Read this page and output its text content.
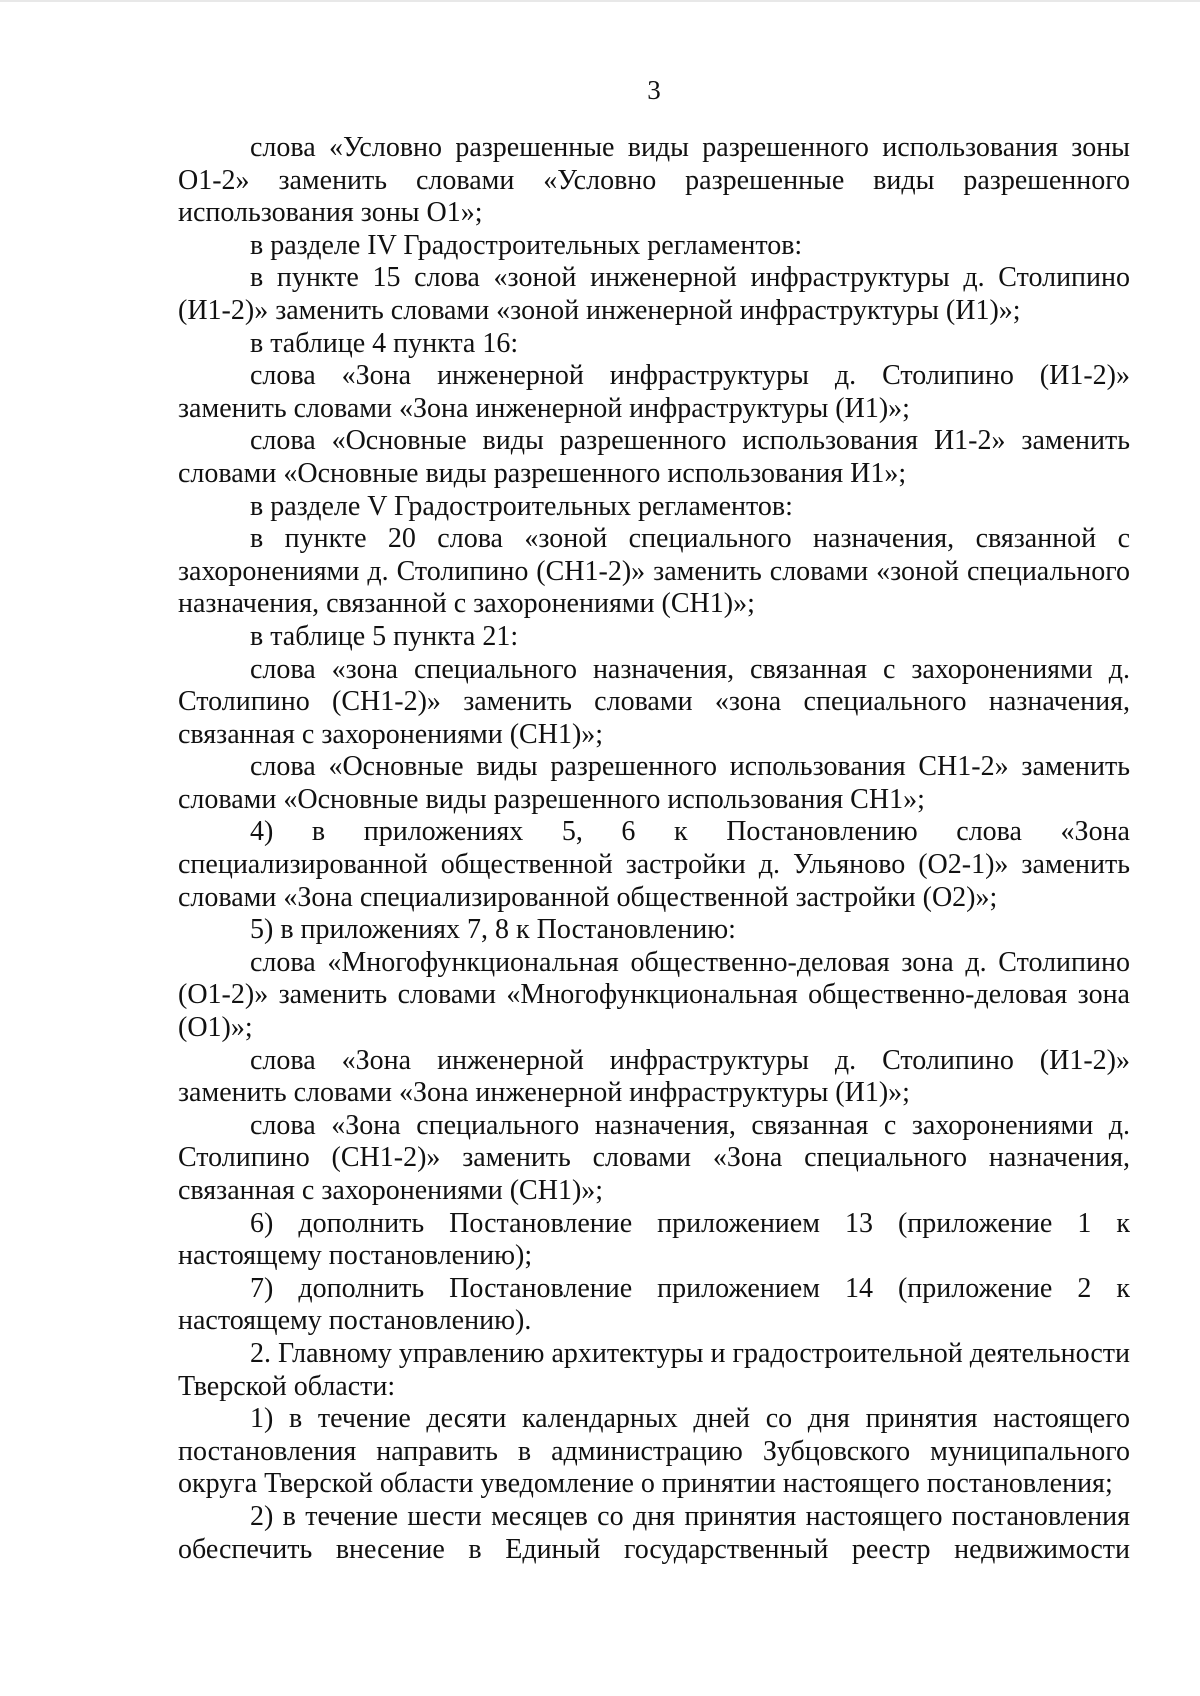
3

слова «Условно разрешенные виды разрешенного использования зоны О1-2» заменить словами «Условно разрешенные виды разрешенного использования зоны О1»;

в разделе IV Градостроительных регламентов:

в пункте 15 слова «зоной инженерной инфраструктуры д. Столипино (И1-2)» заменить словами «зоной инженерной инфраструктуры (И1)»;

в таблице 4 пункта 16:

слова «Зона инженерной инфраструктуры д. Столипино (И1-2)» заменить словами «Зона инженерной инфраструктуры (И1)»;

слова «Основные виды разрешенного использования И1-2» заменить словами «Основные виды разрешенного использования И1»;

в разделе V Градостроительных регламентов:

в пункте 20 слова «зоной специального назначения, связанной с захоронениями д. Столипино (СН1-2)» заменить словами «зоной специального назначения, связанной с захоронениями (СН1)»;

в таблице 5 пункта 21:

слова «зона специального назначения, связанная с захоронениями д. Столипино (СН1-2)» заменить словами «зона специального назначения, связанная с захоронениями (СН1)»;

слова «Основные виды разрешенного использования СН1-2» заменить словами «Основные виды разрешенного использования СН1»;

4) в приложениях 5, 6 к Постановлению слова «Зона специализированной общественной застройки д. Ульяново (О2-1)» заменить словами «Зона специализированной общественной застройки (О2)»;

5) в приложениях 7, 8 к Постановлению:

слова «Многофункциональная общественно-деловая зона д. Столипино (О1-2)» заменить словами «Многофункциональная общественно-деловая зона (О1)»;

слова «Зона инженерной инфраструктуры д. Столипино (И1-2)» заменить словами «Зона инженерной инфраструктуры (И1)»;

слова «Зона специального назначения, связанная с захоронениями д. Столипино (СН1-2)» заменить словами «Зона специального назначения, связанная с захоронениями (СН1)»;

6) дополнить Постановление приложением 13 (приложение 1 к настоящему постановлению);

7) дополнить Постановление приложением 14 (приложение 2 к настоящему постановлению).

2. Главному управлению архитектуры и градостроительной деятельности Тверской области:

1) в течение десяти календарных дней со дня принятия настоящего постановления направить в администрацию Зубцовского муниципального округа Тверской области уведомление о принятии настоящего постановления;

2) в течение шести месяцев со дня принятия настоящего постановления обеспечить внесение в Единый государственный реестр недвижимости
